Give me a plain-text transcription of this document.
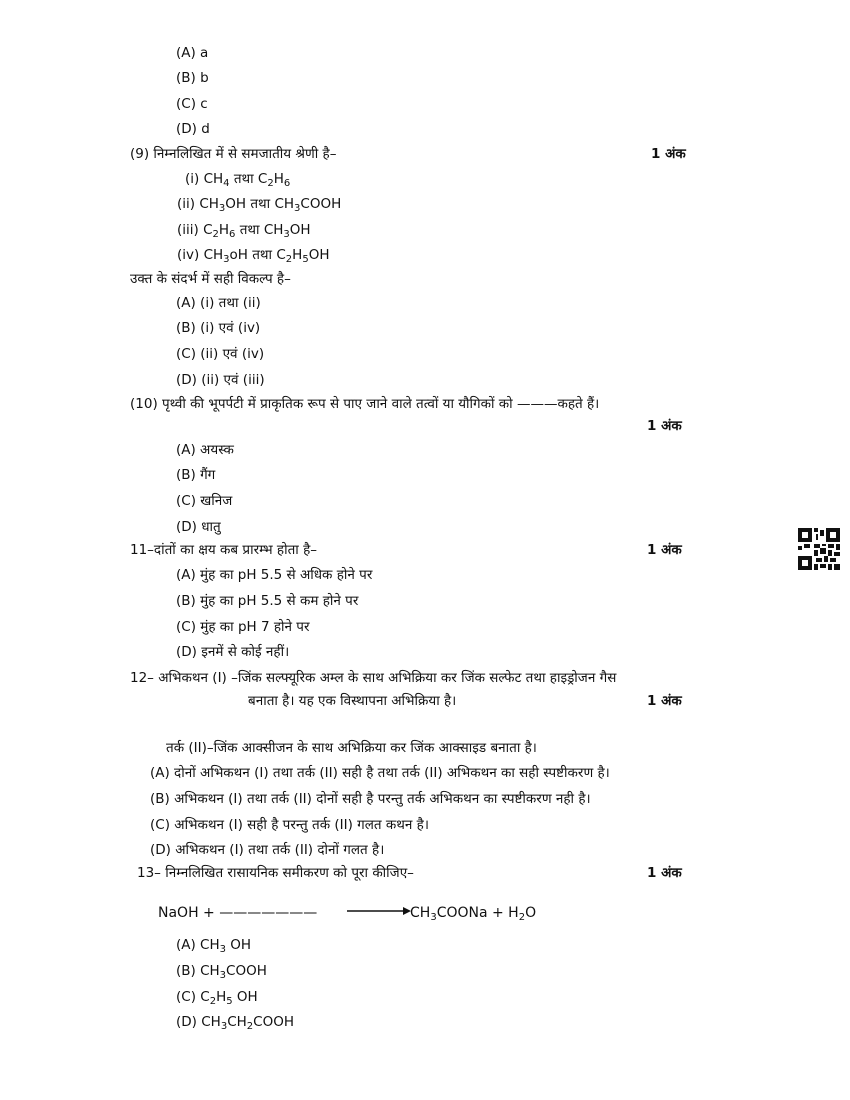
(A) a
(B) b
(C) c
(D) d
(9) निम्नलिखित में से समजातीय श्रेणी है–	1 अंक
(i) $CH_4$ तथा $C_2H_6$
(ii) $CH_3OH$ तथा $CH_3COOH$
(iii) $C_2H_6$ तथा $CH_3OH$
(iv) $CH_3oH$ तथा $C_2H_5OH$
उक्त के संदर्भ में सही विकल्प है–
(A) (i) तथा (ii)
(B) (i) एवं (iv)
(C) (ii) एवं (iv)
(D) (ii) एवं (iii)
(10) पृथ्वी की भूपर्पटी में प्राकृतिक रूप से पाए जाने वाले तत्वों या यौगिकों को ———कहते हैं।
1 अंक
(A) अयस्क
(B) गैंग
(C) खनिज
(D) धातु
11–दांतों का क्षय कब प्रारम्भ होता है–	1 अंक
(A) मुंह का pH 5.5 से अधिक होने पर
(B) मुंह का pH 5.5 से कम होने पर
(C) मुंह का pH 7 होने पर
(D) इनमें से कोई नहीं।
12– अभिकथन (I) –जिंक सल्फ्यूरिक अम्ल के साथ अभिक्रिया कर जिंक सल्फेट तथा हाइड्रोजन गैस
बनाता है। यह एक विस्थापना अभिक्रिया है।	1 अंक
तर्क (II)–जिंक आक्सीजन के साथ अभिक्रिया कर जिंक आक्साइड बनाता है।
(A) दोनों अभिकथन (I) तथा तर्क (II) सही है तथा तर्क (II) अभिकथन का सही स्पष्टीकरण है।
(B) अभिकथन (I) तथा तर्क (II) दोनों सही है परन्तु तर्क अभिकथन का स्पष्टीकरण नही है।
(C) अभिकथन (I) सही है परन्तु तर्क (II) गलत कथन है।
(D) अभिकथन (I) तथा तर्क (II) दोनों गलत है।
13– निम्नलिखित रासायनिक समीकरण को पूरा कीजिए–	1 अंक
NaOH + ———————	$CH_3COONa + H_2O$
(A) $CH_3$ OH
(B) $CH_3COOH$
(C) $C_2H_5$ OH
(D) $CH_3CH_2COOH$
